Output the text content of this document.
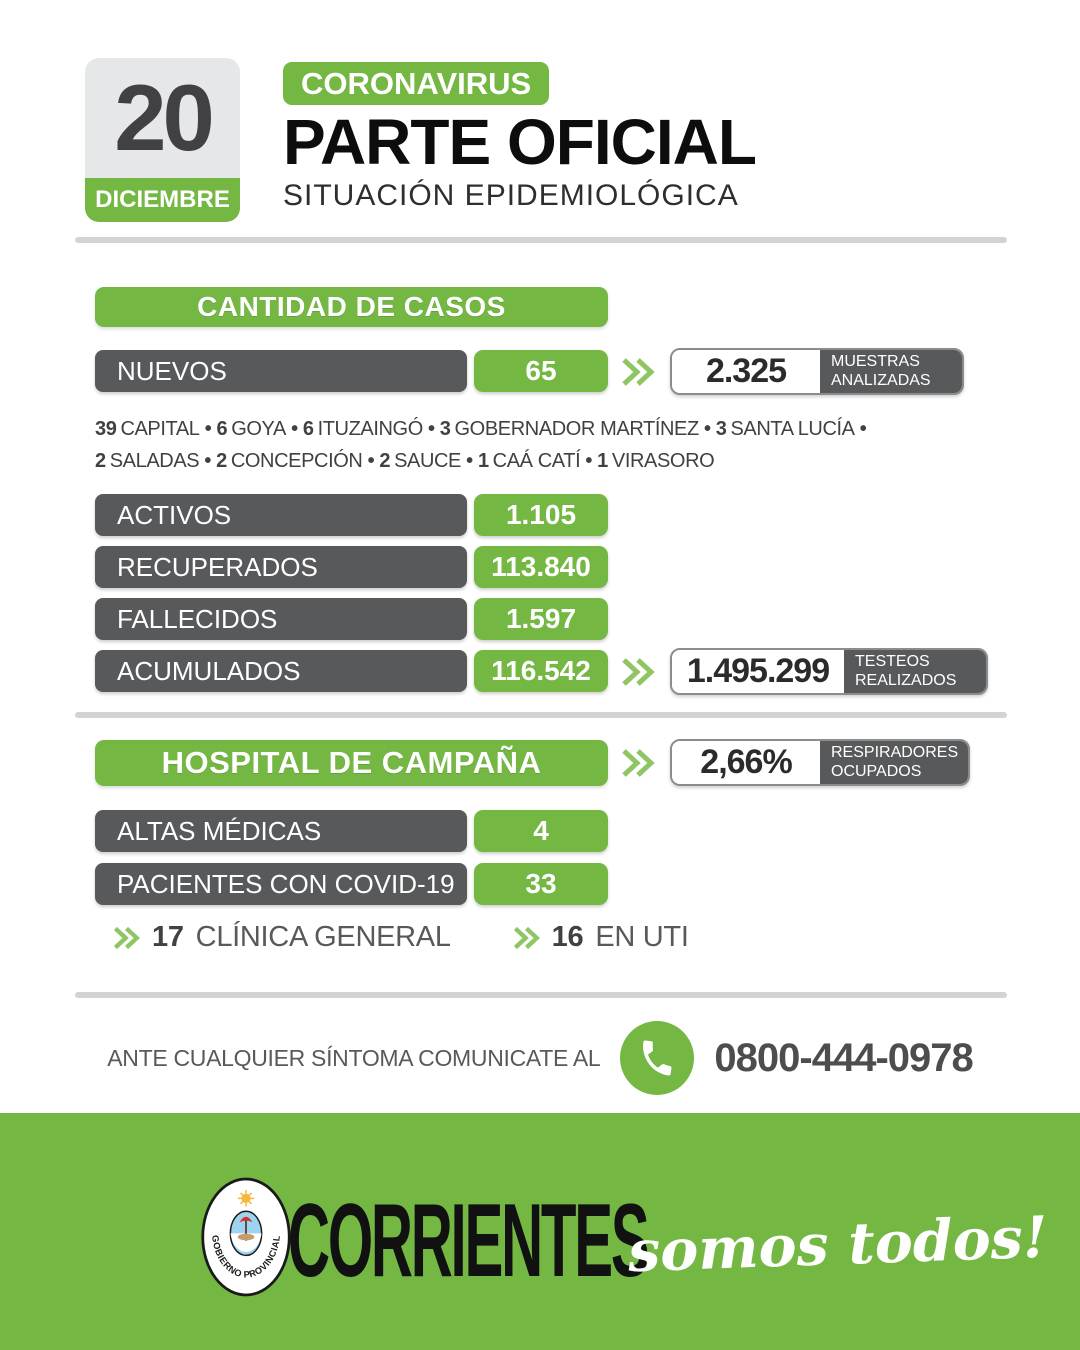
20
DICIEMBRE
CORONAVIRUS
PARTE OFICIAL
SITUACIÓN EPIDEMIOLÓGICA
CANTIDAD DE CASOS
NUEVOS	65	2.325	MUESTRAS
ANALIZADAS
39 CAPITAL • 6 GOYA • 6 ITUZAINGÓ • 3 GOBERNADOR MARTÍNEZ • 3 SANTA LUCÍA • 2 SALADAS • 2 CONCEPCIÓN • 2 SAUCE • 1 CAÁ CATÍ • 1 VIRASORO
ACTIVOS	1.105
RECUPERADOS	113.840
FALLECIDOS	1.597
ACUMULADOS	116.542	1.495.299	TESTEOS
REALIZADOS
HOSPITAL DE CAMPAÑA	2,66%	RESPIRADORES
OCUPADOS
ALTAS MÉDICAS	4
PACIENTES CON COVID-19	33
17 CLÍNICA GENERAL	16 EN UTI
ANTE CUALQUIER SÍNTOMA COMUNICATE AL	0800-444-0978
GOBIERNO PROVINCIAL CORRIENTES
somos todos!
